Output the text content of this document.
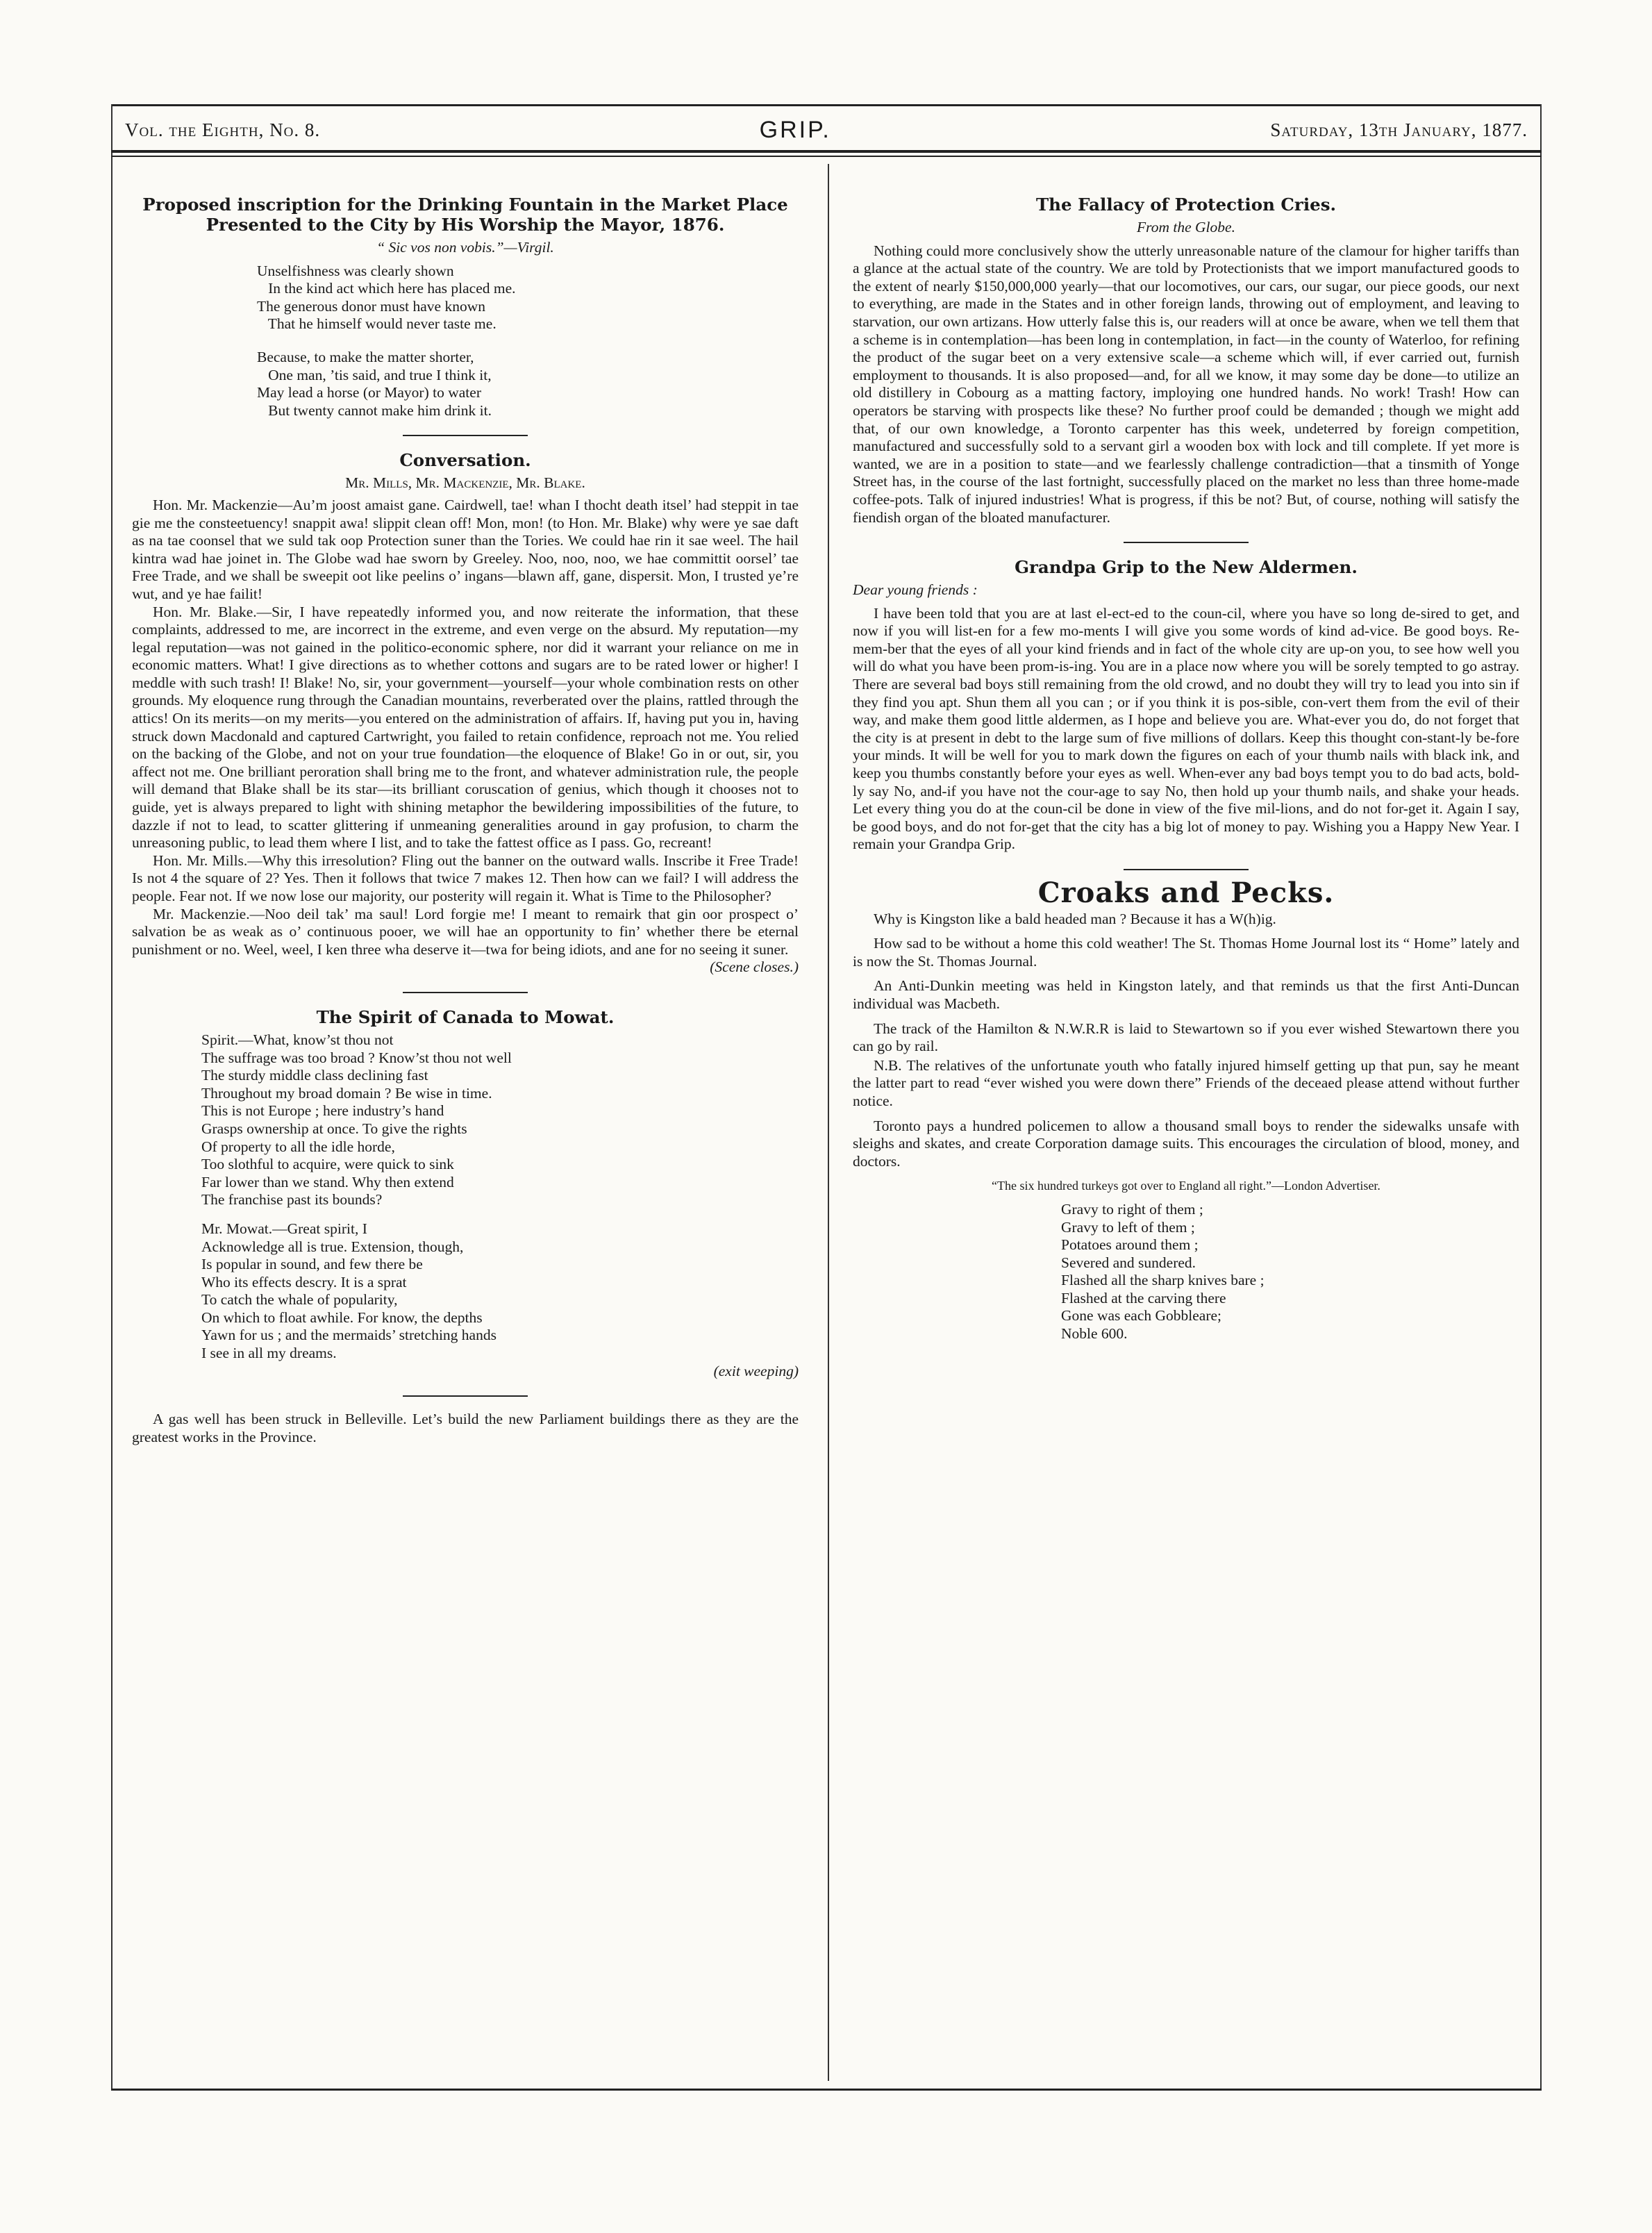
Vol. the Eighth, No. 8.	GRIP.	Saturday, 13th January, 1877.
Proposed inscription for the Drinking Fountain in the Market Place Presented to the City by His Worship the Mayor, 1876.
“ Sic vos non vobis.”—Virgil.
Unselfishness was clearly shown
In the kind act which here has placed me.
The generous donor must have known
That he himself would never taste me.
Because, to make the matter shorter,
One man, ’tis said, and true I think it,
May lead a horse (or Mayor) to water
But twenty cannot make him drink it.
Conversation.
Mr. Mills, Mr. Mackenzie, Mr. Blake.

Hon. Mr. Mackenzie—Au’m joost amaist gane. Cairdwell, tae! whan I thocht death itsel’ had steppit in tae gie me the consteetuency! snappit awa! slippit clean off! Mon, mon! (to Hon. Mr. Blake) why were ye sae daft as na tae coonsel that we suld tak oop Protection suner than the Tories. We could hae rin it sae weel. The hail kintra wad hae joinet in. The Globe wad hae sworn by Greeley. Noo, noo, noo, we hae committit oorsel’ tae Free Trade, and we shall be sweepit oot like peelins o’ ingans—blawn aff, gane, dispersit. Mon, I trusted ye’re wut, and ye hae failit!

Hon. Mr. Blake.—Sir, I have repeatedly informed you, and now reiterate the information, that these complaints, addressed to me, are incorrect in the extreme, and even verge on the absurd. My reputation—my legal reputation—was not gained in the politico-economic sphere, nor did it warrant your reliance on me in economic matters. What! I give directions as to whether cottons and sugars are to be rated lower or higher! I meddle with such trash! I! Blake! No, sir, your government—yourself—your whole combination rests on other grounds. My eloquence rung through the Canadian mountains, reverberated over the plains, rattled through the attics! On its merits—on my merits—you entered on the administration of affairs. If, having put you in, having struck down Macdonald and captured Cartwright, you failed to retain confidence, reproach not me. You relied on the backing of the Globe, and not on your true foundation—the eloquence of Blake! Go in or out, sir, you affect not me. One brilliant peroration shall bring me to the front, and whatever administration rule, the people will demand that Blake shall be its star—its brilliant coruscation of genius, which though it chooses not to guide, yet is always prepared to light with shining metaphor the bewildering impossibilities of the future, to dazzle if not to lead, to scatter glittering if unmeaning generalities around in gay profusion, to charm the unreasoning public, to lead them where I list, and to take the fattest office as I pass. Go, recreant!

Hon. Mr. Mills.—Why this irresolution? Fling out the banner on the outward walls. Inscribe it Free Trade! Is not 4 the square of 2? Yes. Then it follows that twice 7 makes 12. Then how can we fail? I will address the people. Fear not. If we now lose our majority, our posterity will regain it. What is Time to the Philosopher?

Mr. Mackenzie.—Noo deil tak’ ma saul! Lord forgie me! I meant to remairk that gin oor prospect o’ salvation be as weak as o’ continuous pooer, we will hae an opportunity to fin’ whether there be eternal punishment or no. Weel, weel, I ken three wha deserve it—twa for being idiots, and ane for no seeing it suner.

(Scene closes.)
The Spirit of Canada to Mowat.
Spirit.—What, know’st thou not
The suffrage was too broad ? Know’st thou not well
The sturdy middle class declining fast
Throughout my broad domain ? Be wise in time.
This is not Europe ; here industry’s hand
Grasps ownership at once. To give the rights
Of property to all the idle horde,
Too slothful to acquire, were quick to sink
Far lower than we stand. Why then extend
The franchise past its bounds?
Mr. Mowat.—Great spirit, I
Acknowledge all is true. Extension, though,
Is popular in sound, and few there be
Who its effects descry. It is a sprat
To catch the whale of popularity,
On which to float awhile. For know, the depths
Yawn for us ; and the mermaids’ stretching hands
I see in all my dreams.
(exit weeping)

A gas well has been struck in Belleville. Let’s build the new Parliament buildings there as they are the greatest works in the Province.

The Fallacy of Protection Cries.
From the Globe.

Nothing could more conclusively show the utterly unreasonable nature of the clamour for higher tariffs than a glance at the actual state of the country. We are told by Protectionists that we import manufactured goods to the extent of nearly $150,000,000 yearly—that our locomotives, our cars, our sugar, our piece goods, our next to everything, are made in the States and in other foreign lands, throwing out of employment, and leaving to starvation, our own artizans. How utterly false this is, our readers will at once be aware, when we tell them that a scheme is in contemplation—has been long in contemplation, in fact—in the county of Waterloo, for refining the product of the sugar beet on a very extensive scale—a scheme which will, if ever carried out, furnish employment to thousands. It is also proposed—and, for all we know, it may some day be done—to utilize an old distillery in Cobourg as a matting factory, imploying one hundred hands. No work! Trash! How can operators be starving with prospects like these? No further proof could be demanded ; though we might add that, of our own knowledge, a Toronto carpenter has this week, undeterred by foreign competition, manufactured and successfully sold to a servant girl a wooden box with lock and till complete. If yet more is wanted, we are in a position to state—and we fearlessly challenge contradiction—that a tinsmith of Yonge Street has, in the course of the last fortnight, successfully placed on the market no less than three home-made coffee-pots. Talk of injured industries! What is progress, if this be not? But, of course, nothing will satisfy the fiendish organ of the bloated manufacturer.

Grandpa Grip to the New Aldermen.

Dear young friends :

I have been told that you are at last el-ect-ed to the coun-cil, where you have so long de-sired to get, and now if you will list-en for a few mo-ments I will give you some words of kind ad-vice. Be good boys. Re-mem-ber that the eyes of all your kind friends and in fact of the whole city are up-on you, to see how well you will do what you have been prom-is-ing. You are in a place now where you will be sorely tempted to go astray. There are several bad boys still remaining from the old crowd, and no doubt they will try to lead you into sin if they find you apt. Shun them all you can ; or if you think it is pos-sible, con-vert them from the evil of their way, and make them good little aldermen, as I hope and believe you are. What-ever you do, do not forget that the city is at present in debt to the large sum of five millions of dollars. Keep this thought con-stant-ly be-fore your minds. It will be well for you to mark down the figures on each of your thumb nails with black ink, and keep you thumbs constantly before your eyes as well. When-ever any bad boys tempt you to do bad acts, bold-ly say No, and-if you have not the cour-age to say No, then hold up your thumb nails, and shake your heads. Let every thing you do at the coun-cil be done in view of the five mil-lions, and do not for-get it. Again I say, be good boys, and do not for-get that the city has a big lot of money to pay. Wishing you a Happy New Year. I remain your Grandpa Grip.

Croaks and Pecks.

Why is Kingston like a bald headed man ? Because it has a W(h)ig.

How sad to be without a home this cold weather! The St. Thomas Home Journal lost its “ Home” lately and is now the St. Thomas Journal.

An Anti-Dunkin meeting was held in Kingston lately, and that reminds us that the first Anti-Duncan individual was Macbeth.

The track of the Hamilton & N.W.R.R is laid to Stewartown so if you ever wished Stewartown there you can go by rail.

N.B. The relatives of the unfortunate youth who fatally injured himself getting up that pun, say he meant the latter part to read “ever wished you were down there” Friends of the deceaed please attend without further notice.

Toronto pays a hundred policemen to allow a thousand small boys to render the sidewalks unsafe with sleighs and skates, and create Corporation damage suits. This encourages the circulation of blood, money, and doctors.

“The six hundred turkeys got over to England all right.”—London Advertiser.
Gravy to right of them ;
Gravy to left of them ;
Potatoes around them ;
Severed and sundered.
Flashed all the sharp knives bare ;
Flashed at the carving there
Gone was each Gobbleare;
Noble 600.
